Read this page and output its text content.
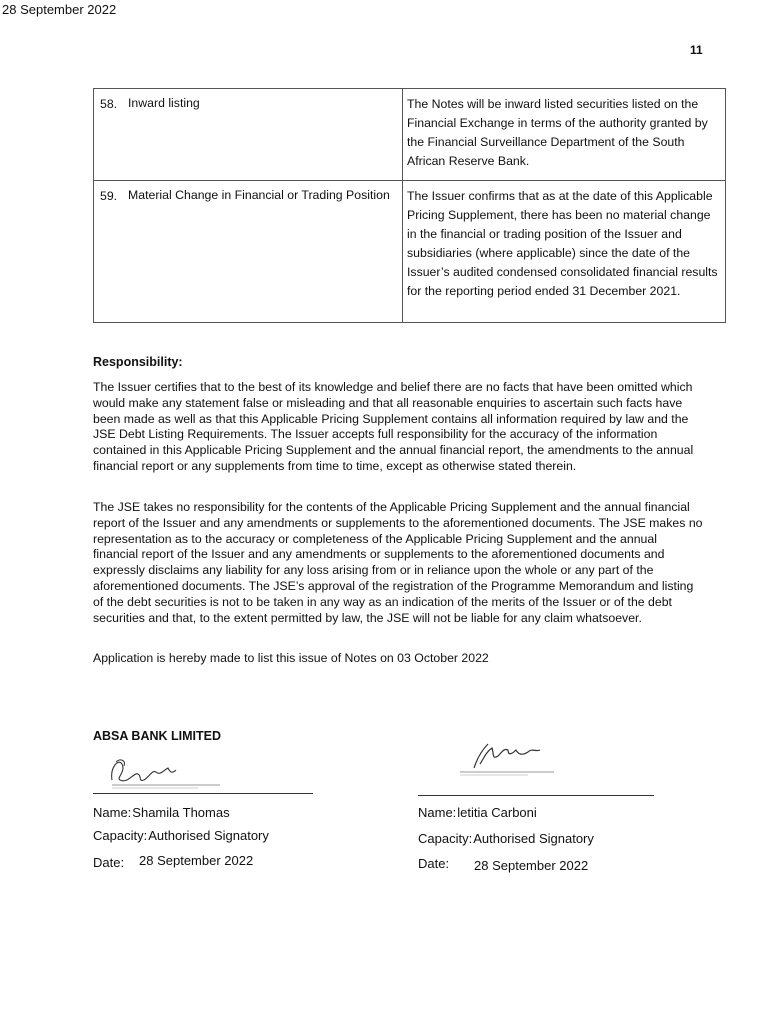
28 September 2022
11
58.	Inward listing	The Notes will be inward listed securities listed on the Financial Exchange in terms of the authority granted by the Financial Surveillance Department of the South African Reserve Bank.
59.	Material Change in Financial or Trading Position	The Issuer confirms that as at the date of this Applicable Pricing Supplement, there has been no material change in the financial or trading position of the Issuer and subsidiaries (where applicable) since the date of the Issuer’s audited condensed consolidated financial results for the reporting period ended 31 December 2021.
Responsibility:
The Issuer certifies that to the best of its knowledge and belief there are no facts that have been omitted which would make any statement false or misleading and that all reasonable enquiries to ascertain such facts have been made as well as that this Applicable Pricing Supplement contains all information required by law and the JSE Debt Listing Requirements. The Issuer accepts full responsibility for the accuracy of the information contained in this Applicable Pricing Supplement and the annual financial report, the amendments to the annual financial report or any supplements from time to time, except as otherwise stated therein.
The JSE takes no responsibility for the contents of the Applicable Pricing Supplement and the annual financial report of the Issuer and any amendments or supplements to the aforementioned documents. The JSE makes no representation as to the accuracy or completeness of the Applicable Pricing Supplement and the annual financial report of the Issuer and any amendments or supplements to the aforementioned documents and expressly disclaims any liability for any loss arising from or in reliance upon the whole or any part of the aforementioned documents. The JSE’s approval of the registration of the Programme Memorandum and listing of the debt securities is not to be taken in any way as an indication of the merits of the Issuer or of the debt securities and that, to the extent permitted by law, the JSE will not be liable for any claim whatsoever.
Application is hereby made to list this issue of Notes on 03 October 2022
ABSA BANK LIMITED
Name:Shamila Thomas
Capacity:Authorised Signatory
Date: 28 September 2022
Name:letitia Carboni
Capacity:Authorised Signatory
Date: 28 September 2022
